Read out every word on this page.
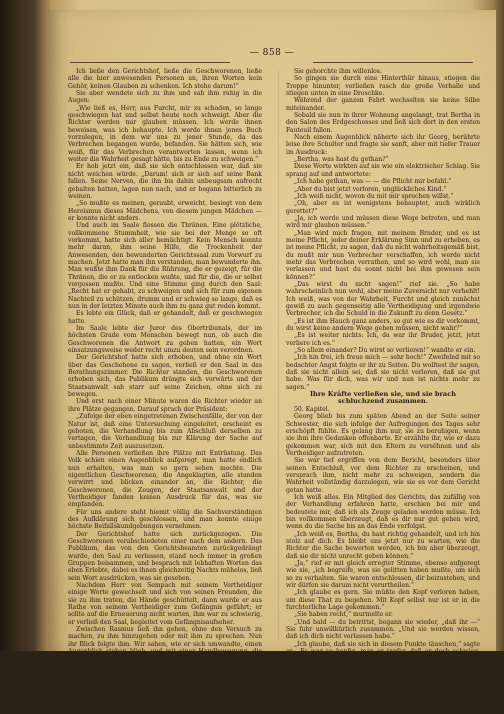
— 858 —

Ich ließe den Gerichtshof, ließe die Geschworenen, ließe alle die hier anwesenden Personen an, ihren Worten kein Gehör, keinen Glauben zu schenken. Ich stehe darum!“

Sie aber wendete sich zu ihm und sah ihm ruhig in die Augen:

„Wie ließ es, Herr, aus Furcht, mir zu schaden, so lange geschwiegen hat und selbst heute noch schweigt. Aber die Richter werden mir glauben müssen. Ich werde ihnen beweisen, was ich behaupte. Ich werde ihnen jenes Buch vorzulegen, in dem wir uns zu jener Stunde, da das Verbrechen begangen wurde, befanden. Sie hätten sich, wie weiß, für das Verbrechen verantworten lassen, wenn ich weiter die Wahrheit gesagt hätte, bis zu Ende zu schweigen.“

Er hob jetzt ein, daß sie sich entschlossen war, daß sie nicht weichen würde. „Darum! sich er sich auf seine Bank fallen. Seine Nerven, die ihn bis dahin unbeugsam aufrecht gehalten hatten, lagen nun nach, und er begann bitterlich zu weinen.

„So mußte es meinen, geraubt, erweicht, besiegt von dem Heroismus dieses Mädchens, von diesem jungen Mädchen — er konnte nicht anders.

Und auch im Saale flossen die Thränen. Eine plötzliche, vollkommene Stummheit, wie sie bei der Menge so oft vorkommt, hatte sich aller bemächtigt. Kein Mensch konnte mehr daran, ihm seine Hilfe, die Trockenheit der Anwesenden, den bewunderten Gerichtssaal zum Vorwurf zu machen. Jetzt hatte man ihn verstanden, man bewunderte ihn. Man wußte ihm Dank für die Rührung, die er gezeigt, für die Thränen, die er zu entlocken wußte, und für die, die er selbst vergossen mußte. Und eine Stimme ging durch den Saal: „Recht hat er gehabt, zu schweigen und sich für zum eigenen Nachteil zu schützen, drumm und er schwieg so lange, daß es nun in der letzten Minute auch ihm zu ganz gut reden kommt.

Es lebte ein Glück, daß er gehandelt, daß er geschwiegen hatte.

Im Saale lebte der Juror des Obertribunals, der im höchsten Grade vom Menschen bewegt nun, ob auch die Geschworenen die Antwort zu geben hatten, ein Wort einsatzungsweise weder recht umzu deuten sein verordnen.

Der Gerichtshof hatte sich erhoben, und ohne ein Wort über das Geschehene zu sagen, verließ er den Saal in das Berathungszimmer. Die Richter standen, die Geschworenen erhoben sich, das Publikum drängte sich vorwärts und der Staatsanwalt sah starr auf seine Zeichen, ohne sich zu bewegen.

Und erst nach einer Minute waren die Richter wieder an ihre Plätze gegangen. Darauf sprach der Präsident:

„Zufolge der eben eingetretenen Zwischenfälle, der von der Natur ist, daß eine Untersuchung eingeleitet, erscheint es geboten, die Verhandlung bis zum Abschluß derselben zu vertagen, die Verhandlung bis zur Klärung der Sache auf unbestimmte Zeit auszusetzen.

Alle Personen verließen ihre Plätze mit Entrüstung. Das Volk schien einen Augenblick aufgeregt, man hatte endlich nun erhalten, was man so gern sehen mochte. Die eigentlichen Geschworenen, die Angeklagten, alle standen verwirrt und blicken einander an, die Richter, die Geschworenen, die Zeugen, der Staatsanwalt und der Vertheidiger fanden keinen Ausdruck für das, was sie empfanden.

Für uns andere steht hiemit völlig die Sachverständigen des Aufklärung sich geschlossen, und man konnte einige höchste Beifallskundgebungen vernehmen.

Der Gerichtshof hatte sich zurückgezogen. Die Geschworenen verabschiedeten einer nach dem andern. Das Publikum, das von den Gerichtsbeamten zurückgedrängt wurde, den Saal zu verlassen, stand noch immer in großen Gruppen beisammen, und besprach mit lebhaften Worten das eben Erlebte, dabei es ihnen gleichzeitig Nachts mühelos, ließ sein Wort ausdrücken, was sie gesehen.

Nachdem Herr von Sempach mit seinem Vertheidiger einige Worte gewechselt und sich von seinen Freunden, die sie zu ihm traten, die Hände geschüttelt, dann wurde er aus Rathe von seinem Vertheidiger zum Gefängnis geführt; er sollte auf die Erneuerung nicht warten, ihm war zu schwierig, er verließ den Saal, begleitet vom Gefängnisaufseher.

Zwischen Rasmus ließ ihn gehen, ohne den Versuch zu machen, zu ihm hinzugehen oder mit ihm zu sprechen. Nun ihr Blick folgte ihm. Wir sahen, wie er sich umwandte, einen Augenblick stehen blieb, und mit einer Handbewegung, die ihr galt, dann die Thür zu seinen Füßen, welche sich jetzt öffnete und sich hinter ihm wieder schloß. Zwischen Kasmus war nun zu einer dummen Ende unbeweglich und ohne Bewegung stehen geblieben, das neugierige Publikum, das sie umdrängte, die fragenden Blicke, die gleich Zwischenfragen, ihren zur eigenen Anforderung, ihr Haus zu verlassen.

Ihr Bruder trat auf sie zu.

„Komm!“ sagte er zu ihr, indem er sie mitzog.

Sie gehorchte ihm willenlos.

So gingen sie durch eine Hinterthür hinaus, stiegen die Treppe hinunter, verließen rasch die große Vorhalle und stiegen unten in eine Droschke.

Während der ganzen Fahrt wechselten sie keine Silbe miteinander.

Sobald sie nun in ihrer Wohnung angelangt, trat Bertha in den Salon des Erdgeschosses und ließ sich dort in den ersten Fauteuil fallen.

Nach einem Augenblick näherte sich ihr Georg, berührte leise ihre Schulter und fragte sie sanft, aber mit tiefer Trauer im Ausdruck:

„Bertha, was hast du gethan?“

Diese Worte wirkten auf sie wie ein elektrischer Schlag. Sie sprang auf und antwortete:

„Ich habe gethan, was — — die Pflicht mir befahl.“

„Aber du bist jetzt verloren, unglückliches Kind.“

„Ich weiß nicht, wovon du mit mir sprechen willst.“

„Oh, aber es ist wenigstens behauptet, auch wirklich gerettet?“

„Ja, ich werde und müssen diese Wege betreten, und man wird mir glauben müssen.“

„Man wird mich fragen, mit meinem Bruder, und es ist meine Pflicht, jeder deiner Erklärung Sinn und zu erheben, es ist meine Pflicht, zu sagen, daß du nicht wahrheitsgemäß bist, du mußt mir nun Verbrecher verschaffen, ich werde nicht mehr das Verbrechen verrathen, und so wird wohl, man sie verlassen und hast du sonnt nicht bei ihm gewesen sein können?“

„Das wirst du nicht sagen!“ rief sie. „So habe wahrscheinlich nun wohl, aber meine Zuversicht nur verhehlt! Ich weiß, was von der Wahrheit, Furcht und gleich zunächst gewiß zu auch gegenseitig alle Vertheidigung und irgendwie Verbrecher, ich die Schuld in die Zukunft zu denn Gesetz.“

„Es ist ihm Hauch ganz anders, so gut wie es dir vorkommt, du wirst keine andern Wege gehen müssen, nicht wahr?“

„Es ist weiter nichts: Ich, da war ihr Bruder, jetzt, jetzt verliere ich es.“

„So allein einander? Du wirst so verlieren!“ wandte er ein.

„Ich hin frei, ich freue mich — sehr hoch!“ Zweifelnd mit so bedachter Angst folgte er ihr zu Seiten. Du wolltest ihr sagen, daß sie nicht allein sei, daß sie nicht verloren, daß sie gut habe. Was für dich, was wir und nun ist nichts mehr zu sagen.“

Ihre Kräfte verließen sie, und sie brach schluchzend zusammen.

50. Kapitel.

Georg blieb bis zum späten Abend an der Seite seiner Schwester, die sich infolge der Aufregungen des Tages sehr erschöpft fühlte. Es gelang ihm nur, sie zu beruhigen, wenn sie ihm ihre Gedanken offenbarte. Er erzählte ihr, wie er dazu gekommen war, sich mit den Eltern zu versöhnen und als Vertheidiger aufzutreten.

Sie war tief ergriffen von dem Bericht, besonders über seinen Entschluß, vor dem Richter zu erscheinen, und versprach ihm, nicht mehr zu schweigen, sondern die Wahrheit vollständig darzulegen, wie sie es vor dem Gericht getan hatte.

Ich weiß alles. Ein Mitglied des Gerichts, das zufällig von der Verhandlung erfahren hatte, erschien bei mir und bedeutete mir, daß ich als Zeuge geladen werden müsse. Ich bin vollkommen überzeugt, daß es dir nur gut gehen wird, wenn du die Sache bis an das Ende verfolgst.

„Ich weiß es, Bertha, du hast richtig gehandelt, und ich bin stolz auf dich. Es bleibt uns jetzt nur zu warten, wie die Richter die Sache bewerten werden, ich bin aber überzeugt, daß sie dir nicht unrecht geben können.“

„Ja,“ rief er mit gleich erregter Stimme, ebenso aufgeregt wie sie, „ich begreife, was sie gelitten haben mußte, um sich so zu verhalten. Sie waren entschlossen, dir beizustehen, und wir dürfen sie darum nicht verurtheilen.“

„Ich glaube es gern. Sie müßte den Kopf verloren haben, um diese That zu begehen. Mit Kopf selbst nur ist er in die furchterliche Lage gekommen.“

„Sie haben recht,“ murmelte er.

„Und bald — du betrittst, begann sie wieder, „daß ihr —“ Sie fuhr unwillkürlich zusammen. „Und sie werden wissen, daß ich dich nicht verlassen habe.“

„Ich glaube, daß sie sich in diesem Punkte täuschen,“ sagte er. „Es war so kopfig, man er tapfer, daß er doch schwieg, seine Unschuld zu beweisen.“

Da trat sie ganz dicht an ihn heran, und sagte ihm mit heiterer Stimme, funkelnden Augen, während ihr das Blut in die Wangen schoß:

„Nun denn, so wäre er es gewesen! Ihr überdrüß
